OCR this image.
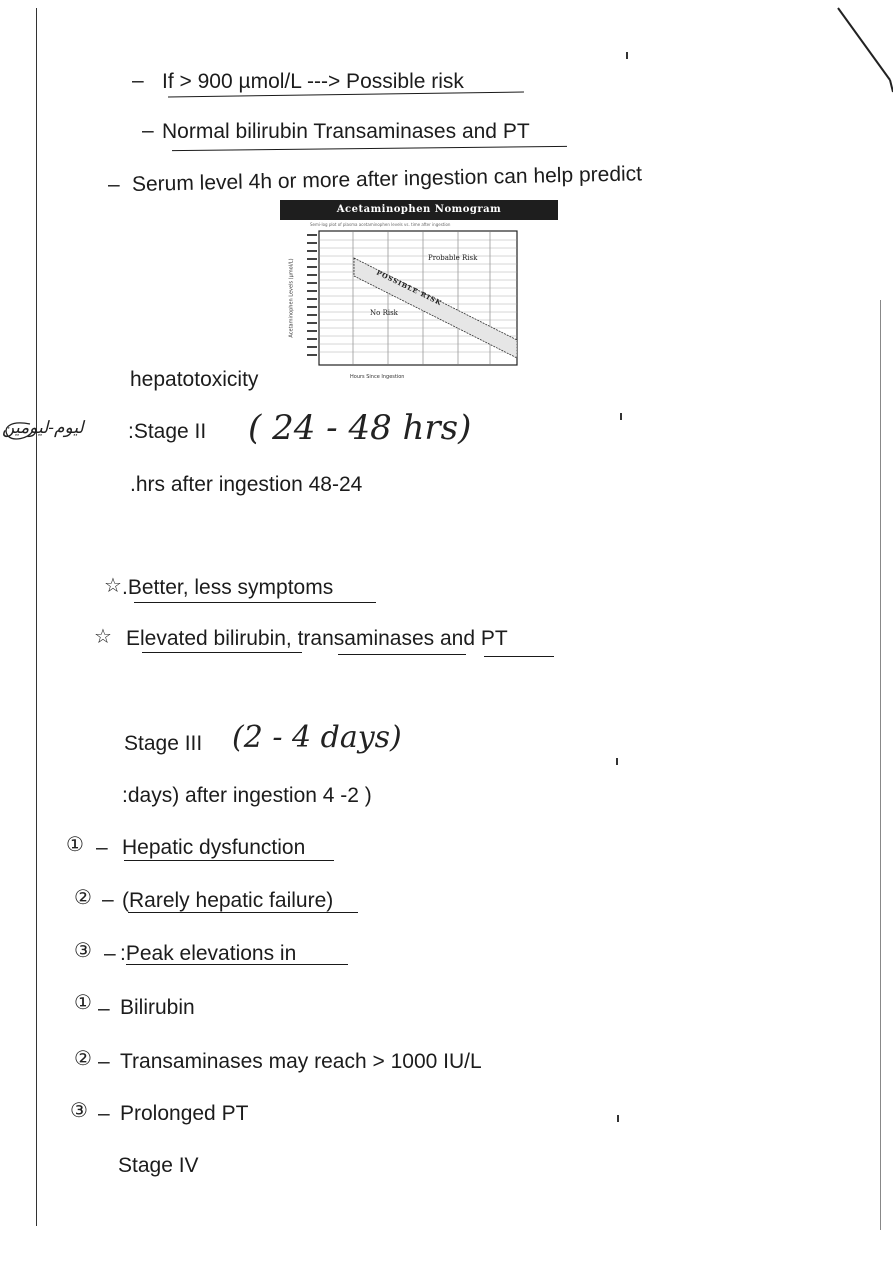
– If > 900 µmol/L ---> Possible risk
– Normal bilirubin Transaminases and PT
– Serum level 4h or more after ingestion can help predict
Acetaminophen Nomogram
Semi-log plot of plasma acetaminophen levels vs. time after ingestion
Acetaminophen Levels (µmol/L)
Probable Risk
POSSIBLE RISK
No Risk
Hours Since Ingestion
hepatotoxicity
ليوم-ليومين :Stage II ( 24 - 48 hrs)
.hrs after ingestion 48-24
☆ .Better, less symptoms
☆ Elevated bilirubin, transaminases and PT
Stage III (2 - 4 days)
:days) after ingestion 4 -2 )
① – Hepatic dysfunction
② – (Rarely hepatic failure)
③ – :Peak elevations in
① – Bilirubin
② – Transaminases may reach > 1000 IU/L
③ – Prolonged PT
Stage IV
